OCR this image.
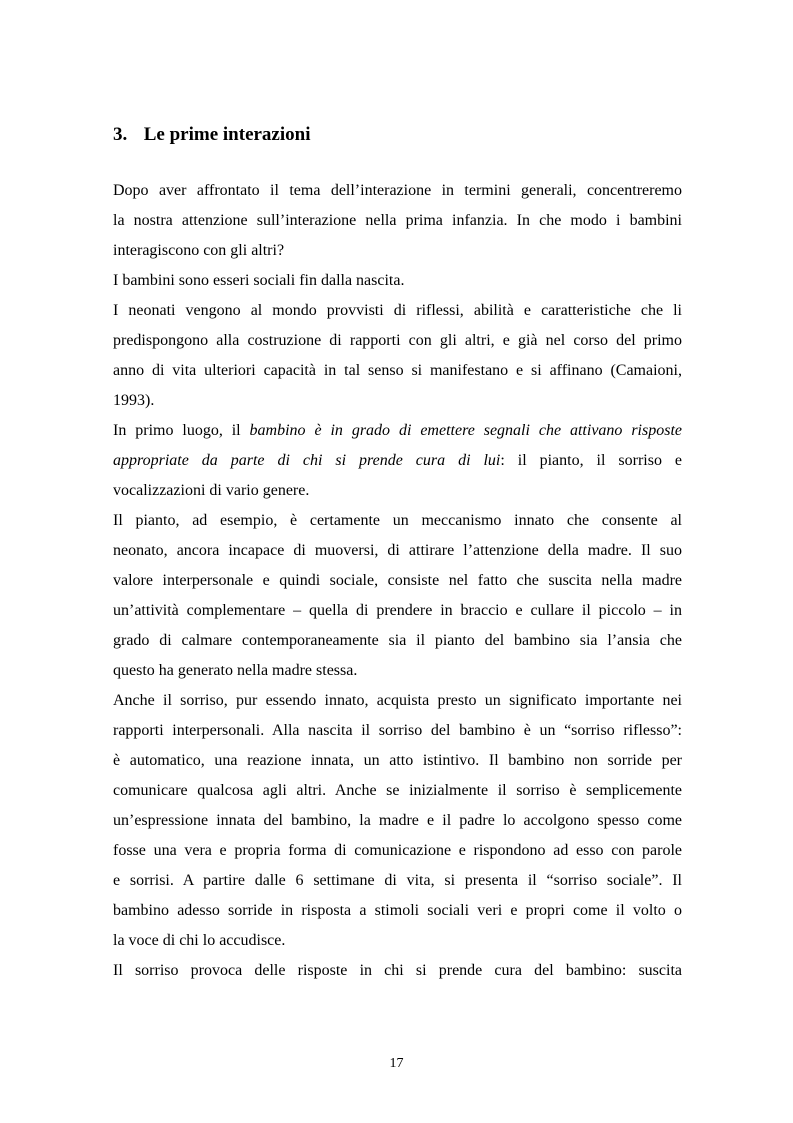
3. Le prime interazioni
Dopo aver affrontato il tema dell’interazione in termini generali, concentreremo
la nostra attenzione sull’interazione nella prima infanzia. In che modo i bambini
interagiscono con gli altri?
I bambini sono esseri sociali fin dalla nascita.
I neonati vengono al mondo provvisti di riflessi, abilità e caratteristiche che li
predispongono alla costruzione di rapporti con gli altri, e già nel corso del primo
anno di vita ulteriori capacità in tal senso si manifestano e si affinano (Camaioni,
1993).
In primo luogo, il bambino è in grado di emettere segnali che attivano risposte
appropriate da parte di chi si prende cura di lui: il pianto, il sorriso e
vocalizzazioni di vario genere.
Il pianto, ad esempio, è certamente un meccanismo innato che consente al
neonato, ancora incapace di muoversi, di attirare l’attenzione della madre. Il suo
valore interpersonale e quindi sociale, consiste nel fatto che suscita nella madre
un’attività complementare – quella di prendere in braccio e cullare il piccolo – in
grado di calmare contemporaneamente sia il pianto del bambino sia l’ansia che
questo ha generato nella madre stessa.
Anche il sorriso, pur essendo innato, acquista presto un significato importante nei
rapporti interpersonali. Alla nascita il sorriso del bambino è un “sorriso riflesso”:
è automatico, una reazione innata, un atto istintivo. Il bambino non sorride per
comunicare qualcosa agli altri. Anche se inizialmente il sorriso è semplicemente
un’espressione innata del bambino, la madre e il padre lo accolgono spesso come
fosse una vera e propria forma di comunicazione e rispondono ad esso con parole
e sorrisi. A partire dalle 6 settimane di vita, si presenta il “sorriso sociale”. Il
bambino adesso sorride in risposta a stimoli sociali veri e propri come il volto o
la voce di chi lo accudisce.
Il sorriso provoca delle risposte in chi si prende cura del bambino: suscita
17
